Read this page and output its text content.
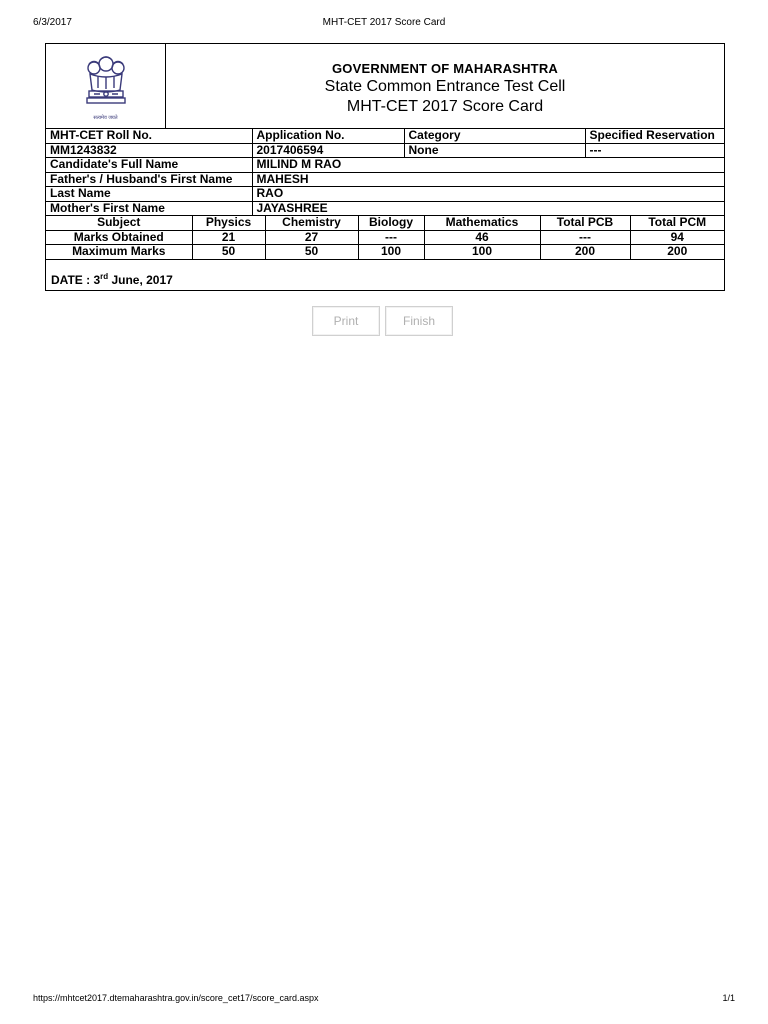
6/3/2017	MHT-CET 2017 Score Card
सत्यमेव जयते
GOVERNMENT OF MAHARASHTRA
State Common Entrance Test Cell
MHT-CET 2017 Score Card
MHT-CET Roll No.	Application No.	Category	Specified Reservation
MM1243832	2017406594	None	---
Candidate's Full Name	MILIND M RAO		
Father's / Husband's First Name	MAHESH		
Last Name	RAO		
Mother's First Name	JAYASHREE		
Subject	Physics	Chemistry	Biology	Mathematics	Total PCB	Total PCM
Marks Obtained	21	27	---	46	---	94
Maximum Marks	50	50	100	100	200	200
DATE : 3rd June, 2017
Print	Finish
https://mhtcet2017.dtemaharashtra.gov.in/score_cet17/score_card.aspx	1/1
